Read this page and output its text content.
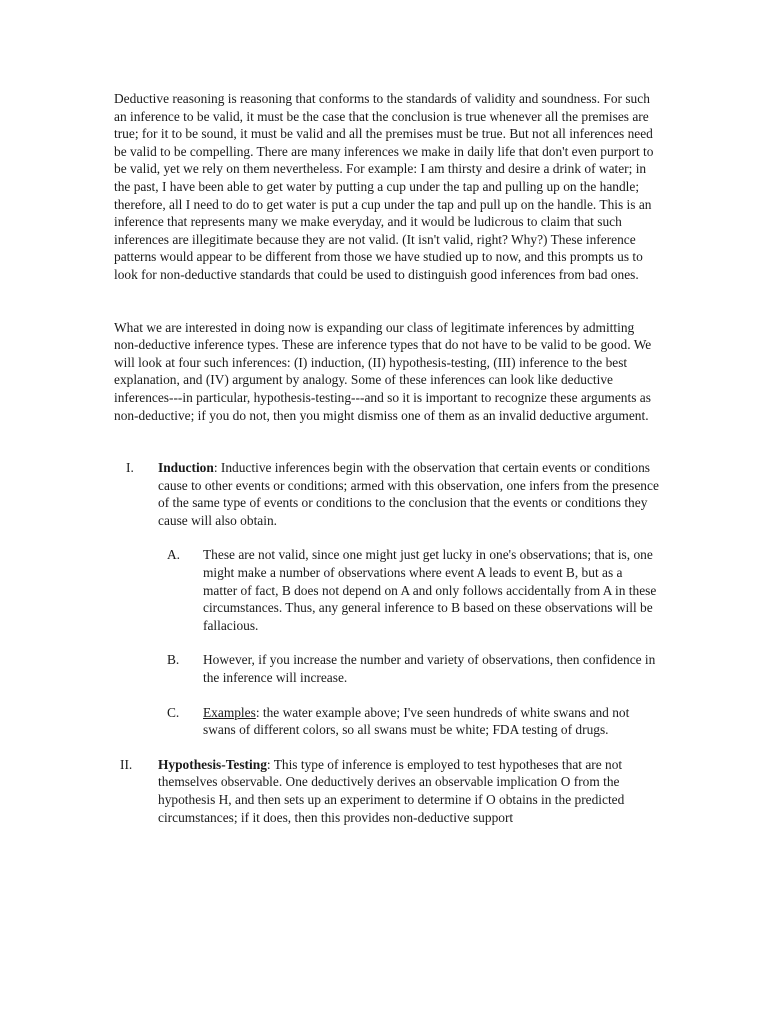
Deductive reasoning is reasoning that conforms to the standards of validity and soundness. For such an inference to be valid, it must be the case that the conclusion is true whenever all the premises are true; for it to be sound, it must be valid and all the premises must be true. But not all inferences need be valid to be compelling. There are many inferences we make in daily life that don't even purport to be valid, yet we rely on them nevertheless. For example: I am thirsty and desire a drink of water; in the past, I have been able to get water by putting a cup under the tap and pulling up on the handle; therefore, all I need to do to get water is put a cup under the tap and pull up on the handle. This is an inference that represents many we make everyday, and it would be ludicrous to claim that such inferences are illegitimate because they are not valid. (It isn't valid, right? Why?) These inference patterns would appear to be different from those we have studied up to now, and this prompts us to look for non-deductive standards that could be used to distinguish good inferences from bad ones.

What we are interested in doing now is expanding our class of legitimate inferences by admitting non-deductive inference types. These are inference types that do not have to be valid to be good. We will look at four such inferences: (I) induction, (II) hypothesis-testing, (III) inference to the best explanation, and (IV) argument by analogy. Some of these inferences can look like deductive inferences---in particular, hypothesis-testing---and so it is important to recognize these arguments as non-deductive; if you do not, then you might dismiss one of them as an invalid deductive argument.

I.	Induction: Inductive inferences begin with the observation that certain events or conditions cause to other events or conditions; armed with this observation, one infers from the presence of the same type of events or conditions to the conclusion that the events or conditions they cause will also obtain.
A.	These are not valid, since one might just get lucky in one's observations; that is, one might make a number of observations where event A leads to event B, but as a matter of fact, B does not depend on A and only follows accidentally from A in these circumstances. Thus, any general inference to B based on these observations will be fallacious.
B.	However, if you increase the number and variety of observations, then confidence in the inference will increase.
C.	Examples: the water example above; I've seen hundreds of white swans and not swans of different colors, so all swans must be white; FDA testing of drugs.
II.	Hypothesis-Testing: This type of inference is employed to test hypotheses that are not themselves observable. One deductively derives an observable implication O from the hypothesis H, and then sets up an experiment to determine if O obtains in the predicted circumstances; if it does, then this provides non-deductive support
